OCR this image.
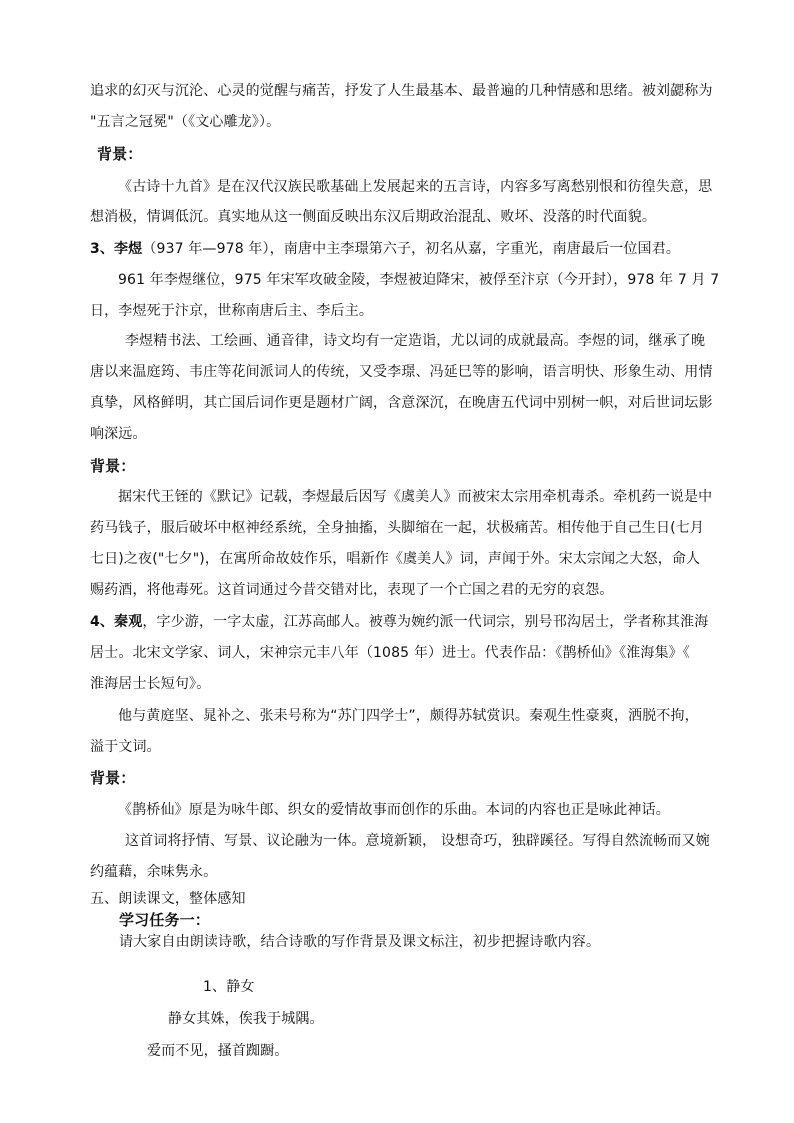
追求的幻灭与沉沦、心灵的觉醒与痛苦，抒发了人生最基本、最普遍的几种情感和思绪。被刘勰称为
"五言之冠冕"（《文心雕龙》）。
背景：
《古诗十九首》是在汉代汉族民歌基础上发展起来的五言诗，内容多写离愁别恨和彷徨失意，思
想消极，情调低沉。真实地从这一侧面反映出东汉后期政治混乱、败坏、没落的时代面貌。
3、李煜（937 年—978 年），南唐中主李璟第六子，初名从嘉，字重光，南唐最后一位国君。
961 年李煜继位，975 年宋军攻破金陵，李煜被迫降宋，被俘至汴京（今开封），978 年 7 月 7
日，李煜死于汴京，世称南唐后主、李后主。
李煜精书法、工绘画、通音律，诗文均有一定造诣，尤以词的成就最高。李煜的词，继承了晚
唐以来温庭筠、韦庄等花间派词人的传统，又受李璟、冯延巳等的影响，语言明快、形象生动、用情
真挚，风格鲜明，其亡国后词作更是题材广阔，含意深沉，在晚唐五代词中别树一帜，对后世词坛影
响深远。
背景：
据宋代王铚的《默记》记载，李煜最后因写《虞美人》而被宋太宗用牵机毒杀。牵机药一说是中
药马钱子，服后破坏中枢神经系统，全身抽搐，头脚缩在一起，状极痛苦。相传他于自己生日(七月
七日)之夜("七夕")，在寓所命故妓作乐，唱新作《虞美人》词，声闻于外。宋太宗闻之大怒，命人
赐药酒，将他毒死。这首词通过今昔交错对比，表现了一个亡国之君的无穷的哀怨。
4、秦观，字少游，一字太虚，江苏高邮人。被尊为婉约派一代词宗，别号邗沟居士，学者称其淮海
居士。北宋文学家、词人，宋神宗元丰八年（1085 年）进士。代表作品：《鹊桥仙》《淮海集》《
淮海居士长短句》。
他与黄庭坚、晁补之、张耒号称为“苏门四学士”，颇得苏轼赏识。秦观生性豪爽，洒脱不拘，
溢于文词。
背景：
《鹊桥仙》原是为咏牛郎、织女的爱情故事而创作的乐曲。本词的内容也正是咏此神话。
这首词将抒情、写景、议论融为一体。意境新颖， 设想奇巧，独辟蹊径。写得自然流畅而又婉
约蕴藉，余味隽永。
五、朗读课文，整体感知
学习任务一：
请大家自由朗读诗歌，结合诗歌的写作背景及课文标注，初步把握诗歌内容。
1、静女
静女其姝，俟我于城隅。
爱而不见，搔首踟蹰。
